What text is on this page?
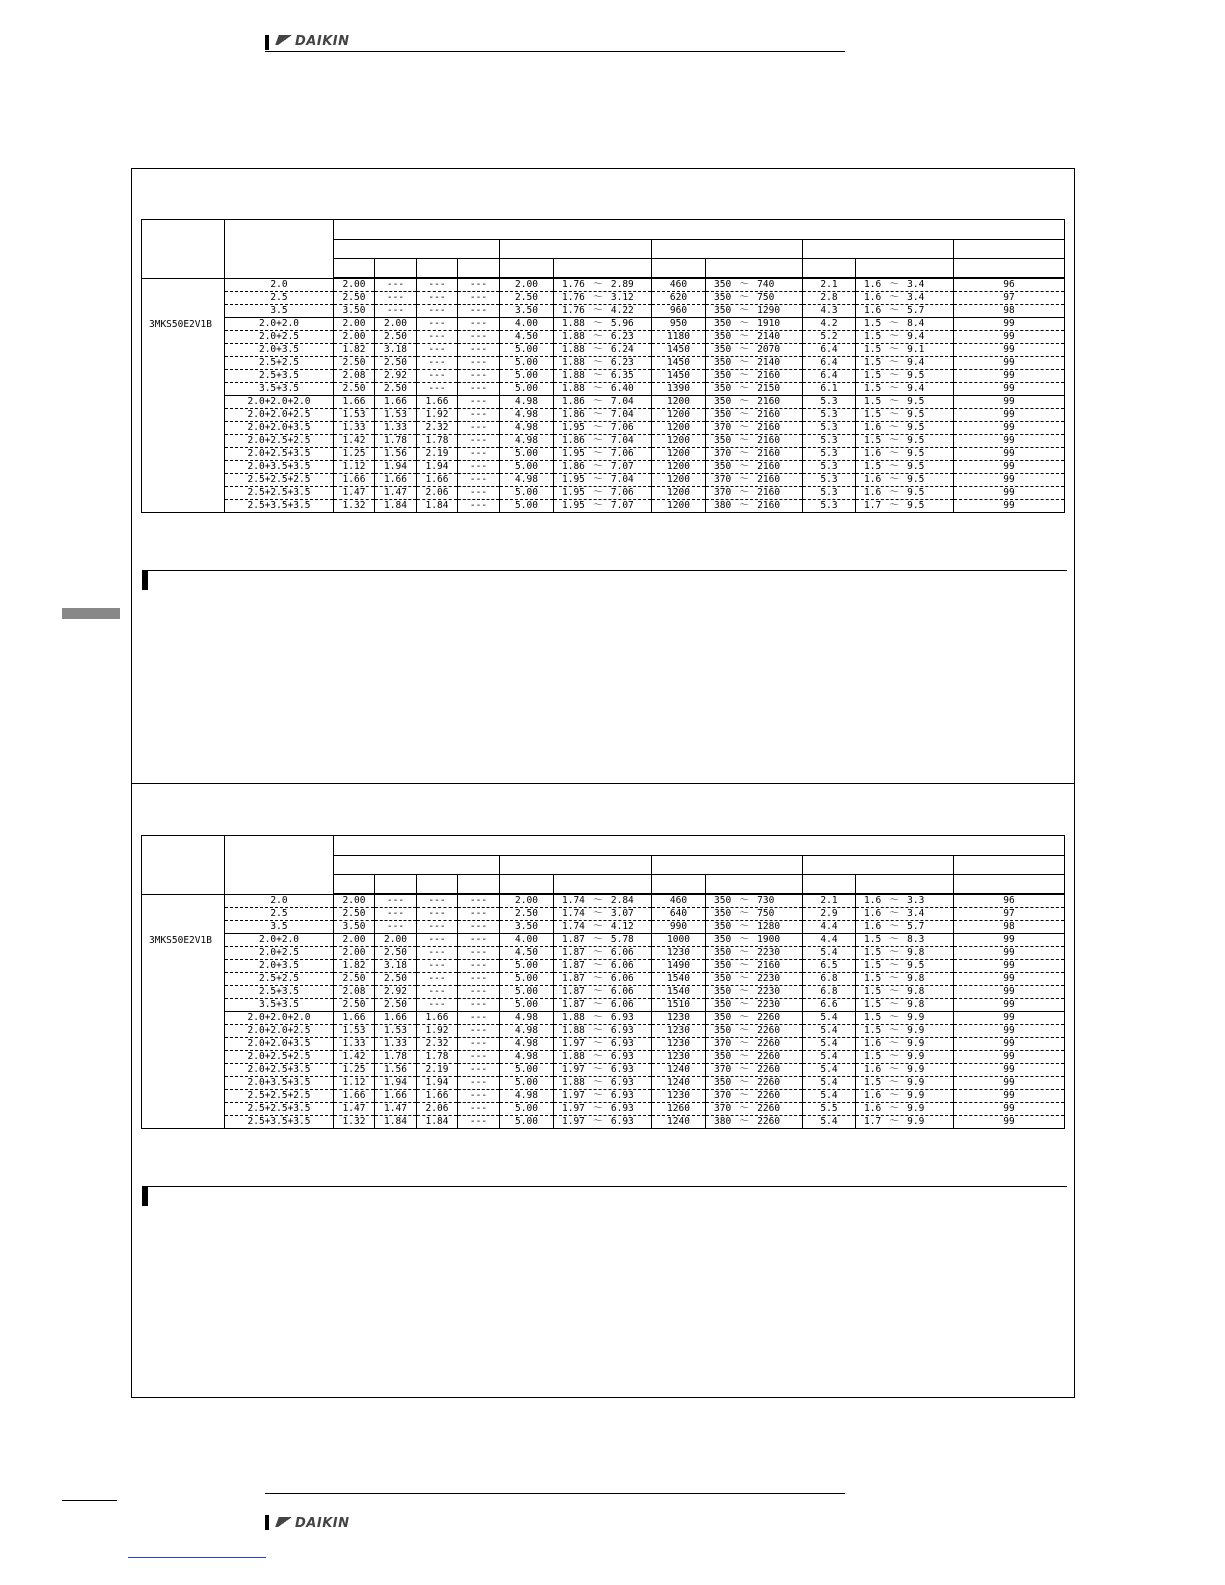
DAIKIN

3MKS50E2V1B	2.0	2.00	---	---	---	2.00	1.76 〜 2.89	460	350 〜 740	2.1	1.6 〜 3.4	96
	2.5	2.50	---	---	---	2.50	1.76 〜 3.12	620	350 〜 750	2.8	1.6 〜 3.4	97
	3.5	3.50	---	---	---	3.50	1.76 〜 4.22	960	350 〜 1290	4.3	1.6 〜 5.7	98
	2.0+2.0	2.00	2.00	---	---	4.00	1.88 〜 5.96	950	350 〜 1910	4.2	1.5 〜 8.4	99
	2.0+2.5	2.00	2.50	---	---	4.50	1.88 〜 6.23	1180	350 〜 2140	5.2	1.5 〜 9.4	99
	2.0+3.5	1.82	3.18	---	---	5.00	1.88 〜 6.24	1450	350 〜 2070	6.4	1.5 〜 9.1	99
	2.5+2.5	2.50	2.50	---	---	5.00	1.88 〜 6.23	1450	350 〜 2140	6.4	1.5 〜 9.4	99
	2.5+3.5	2.08	2.92	---	---	5.00	1.88 〜 6.35	1450	350 〜 2160	6.4	1.5 〜 9.5	99
	3.5+3.5	2.50	2.50	---	---	5.00	1.88 〜 6.40	1390	350 〜 2150	6.1	1.5 〜 9.4	99
	2.0+2.0+2.0	1.66	1.66	1.66	---	4.98	1.86 〜 7.04	1200	350 〜 2160	5.3	1.5 〜 9.5	99
	2.0+2.0+2.5	1.53	1.53	1.92	---	4.98	1.86 〜 7.04	1200	350 〜 2160	5.3	1.5 〜 9.5	99
	2.0+2.0+3.5	1.33	1.33	2.32	---	4.98	1.95 〜 7.06	1200	370 〜 2160	5.3	1.6 〜 9.5	99
	2.0+2.5+2.5	1.42	1.78	1.78	---	4.98	1.86 〜 7.04	1200	350 〜 2160	5.3	1.5 〜 9.5	99
	2.0+2.5+3.5	1.25	1.56	2.19	---	5.00	1.95 〜 7.06	1200	370 〜 2160	5.3	1.6 〜 9.5	99
	2.0+3.5+3.5	1.12	1.94	1.94	---	5.00	1.86 〜 7.07	1200	350 〜 2160	5.3	1.5 〜 9.5	99
	2.5+2.5+2.5	1.66	1.66	1.66	---	4.98	1.95 〜 7.04	1200	370 〜 2160	5.3	1.6 〜 9.5	99
	2.5+2.5+3.5	1.47	1.47	2.06	---	5.00	1.95 〜 7.06	1200	370 〜 2160	5.3	1.6 〜 9.5	99
	2.5+3.5+3.5	1.32	1.84	1.84	---	5.00	1.95 〜 7.07	1200	380 〜 2160	5.3	1.7 〜 9.5	99

3MKS50E2V1B	2.0	2.00	---	---	---	2.00	1.74 〜 2.84	460	350 〜 730	2.1	1.6 〜 3.3	96
	2.5	2.50	---	---	---	2.50	1.74 〜 3.07	640	350 〜 750	2.9	1.6 〜 3.4	97
	3.5	3.50	---	---	---	3.50	1.74 〜 4.12	990	350 〜 1280	4.4	1.6 〜 5.7	98
	2.0+2.0	2.00	2.00	---	---	4.00	1.87 〜 5.78	1000	350 〜 1900	4.4	1.5 〜 8.3	99
	2.0+2.5	2.00	2.50	---	---	4.50	1.87 〜 6.06	1230	350 〜 2230	5.4	1.5 〜 9.8	99
	2.0+3.5	1.82	3.18	---	---	5.00	1.87 〜 6.06	1490	350 〜 2160	6.5	1.5 〜 9.5	99
	2.5+2.5	2.50	2.50	---	---	5.00	1.87 〜 6.06	1540	350 〜 2230	6.8	1.5 〜 9.8	99
	2.5+3.5	2.08	2.92	---	---	5.00	1.87 〜 6.06	1540	350 〜 2230	6.8	1.5 〜 9.8	99
	3.5+3.5	2.50	2.50	---	---	5.00	1.87 〜 6.06	1510	350 〜 2230	6.6	1.5 〜 9.8	99
	2.0+2.0+2.0	1.66	1.66	1.66	---	4.98	1.88 〜 6.93	1230	350 〜 2260	5.4	1.5 〜 9.9	99
	2.0+2.0+2.5	1.53	1.53	1.92	---	4.98	1.88 〜 6.93	1230	350 〜 2260	5.4	1.5 〜 9.9	99
	2.0+2.0+3.5	1.33	1.33	2.32	---	4.98	1.97 〜 6.93	1230	370 〜 2260	5.4	1.6 〜 9.9	99
	2.0+2.5+2.5	1.42	1.78	1.78	---	4.98	1.88 〜 6.93	1230	350 〜 2260	5.4	1.5 〜 9.9	99
	2.0+2.5+3.5	1.25	1.56	2.19	---	5.00	1.97 〜 6.93	1240	370 〜 2260	5.4	1.6 〜 9.9	99
	2.0+3.5+3.5	1.12	1.94	1.94	---	5.00	1.88 〜 6.93	1240	350 〜 2260	5.4	1.5 〜 9.9	99
	2.5+2.5+2.5	1.66	1.66	1.66	---	4.98	1.97 〜 6.93	1230	370 〜 2260	5.4	1.6 〜 9.9	99
	2.5+2.5+3.5	1.47	1.47	2.06	---	5.00	1.97 〜 6.93	1260	370 〜 2260	5.5	1.6 〜 9.9	99
	2.5+3.5+3.5	1.32	1.84	1.84	---	5.00	1.97 〜 6.93	1240	380 〜 2260	5.4	1.7 〜 9.9	99
DAIKIN
